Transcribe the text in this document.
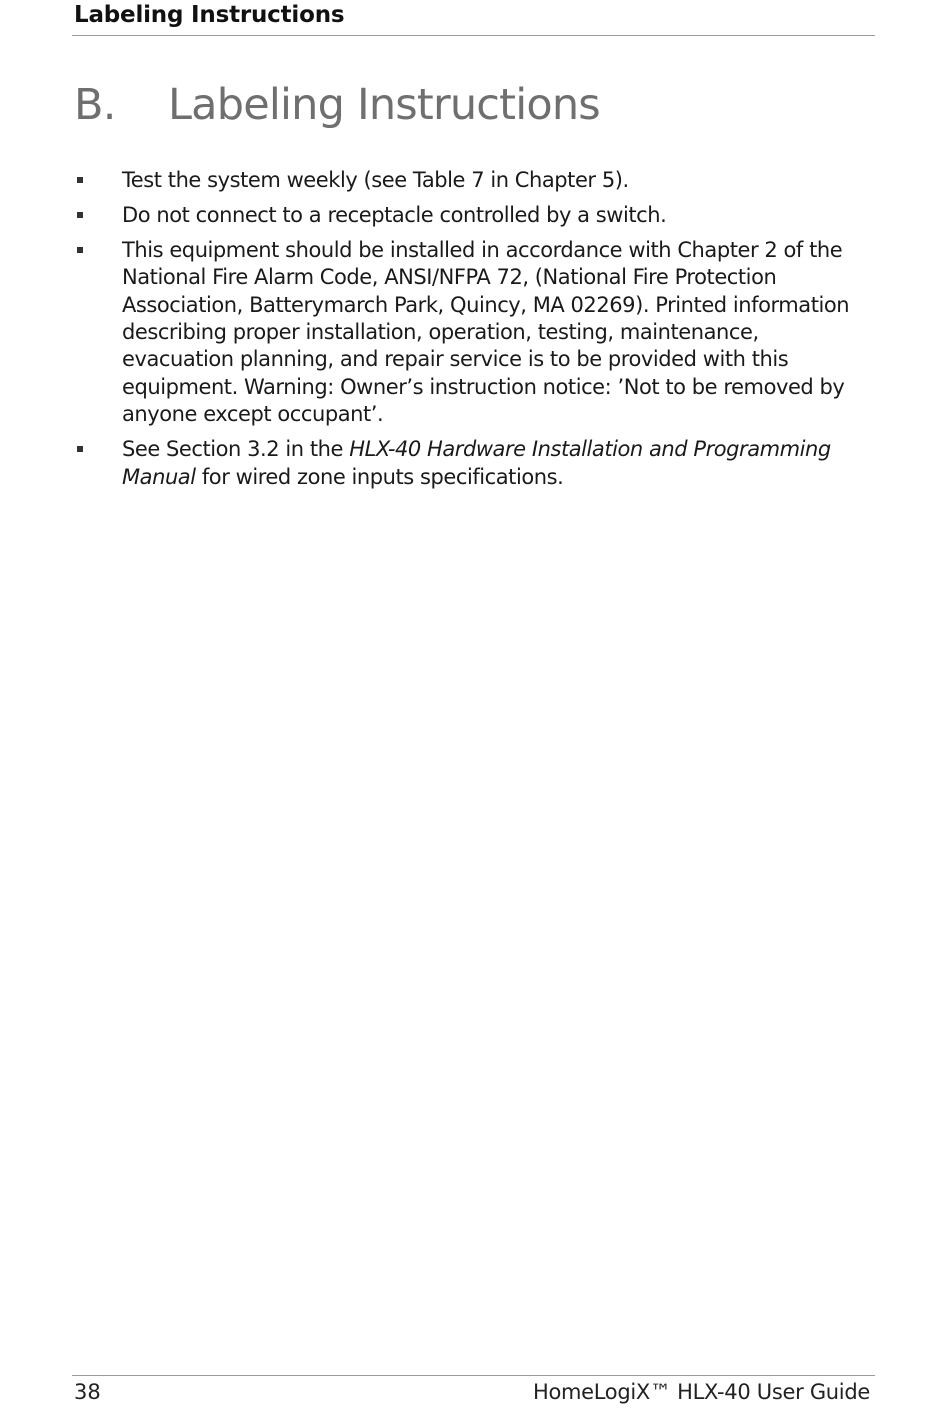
Labeling Instructions
B. Labeling Instructions
Test the system weekly (see Table 7 in Chapter 5).
Do not connect to a receptacle controlled by a switch.
This equipment should be installed in accordance with Chapter 2 of the National Fire Alarm Code, ANSI/NFPA 72, (National Fire Protection Association, Batterymarch Park, Quincy, MA 02269). Printed information describing proper installation, operation, testing, maintenance, evacuation planning, and repair service is to be provided with this equipment. Warning: Owner’s instruction notice: ’Not to be removed by anyone except occupant’.
See Section 3.2 in the HLX-40 Hardware Installation and Programming Manual for wired zone inputs specifications.
38	HomeLogiX™ HLX-40 User Guide
